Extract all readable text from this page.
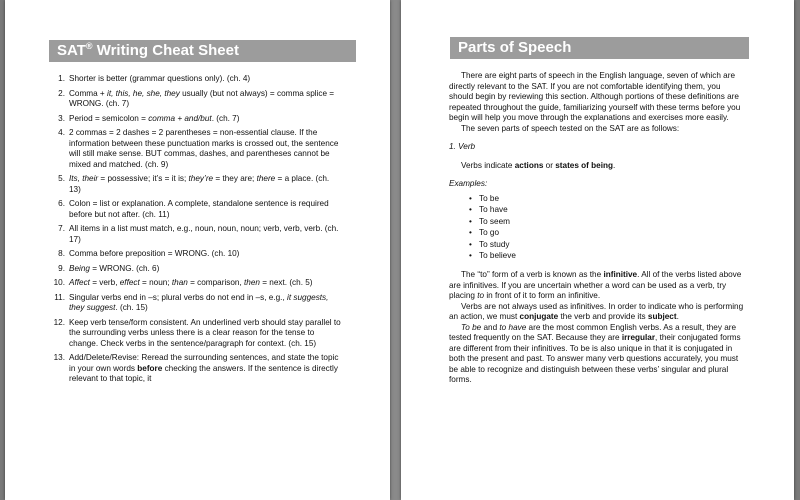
SAT® Writing Cheat Sheet
1. Shorter is better (grammar questions only). (ch. 4)
2. Comma + it, this, he, she, they usually (but not always) = comma splice = WRONG. (ch. 7)
3. Period = semicolon = comma + and/but. (ch. 7)
4. 2 commas = 2 dashes = 2 parentheses = non-essential clause. If the information between these punctuation marks is crossed out, the sentence will still make sense. BUT commas, dashes, and parentheses cannot be mixed and matched. (ch. 9)
5. Its, their = possessive; it’s = it is; they’re = they are; there = a place. (ch. 13)
6. Colon = list or explanation. A complete, standalone sentence is required before but not after. (ch. 11)
7. All items in a list must match, e.g., noun, noun, noun; verb, verb, verb. (ch. 17)
8. Comma before preposition = WRONG. (ch. 10)
9. Being = WRONG. (ch. 6)
10. Affect = verb, effect = noun; than = comparison, then = next. (ch. 5)
11. Singular verbs end in –s; plural verbs do not end in –s, e.g., it suggests, they suggest. (ch. 15)
12. Keep verb tense/form consistent. An underlined verb should stay parallel to the surrounding verbs unless there is a clear reason for the tense to change. Check verbs in the sentence/paragraph for context. (ch. 15)
13. Add/Delete/Revise: Reread the surrounding sentences, and state the topic in your own words before checking the answers. If the sentence is directly relevant to that topic, it
Parts of Speech

There are eight parts of speech in the English language, seven of which are directly relevant to the SAT. If you are not comfortable identifying them, you should begin by reviewing this section. Although portions of these definitions are repeated throughout the guide, familiarizing yourself with these terms before you begin will help you move through the explanations and exercises more easily.

The seven parts of speech tested on the SAT are as follows:

1. Verb

Verbs indicate actions or states of being.

Examples:

• To be
• To have
• To seem
• To go
• To study
• To believe

The “to” form of a verb is known as the infinitive. All of the verbs listed above are infinitives. If you are uncertain whether a word can be used as a verb, try placing to in front of it to form an infinitive.

Verbs are not always used as infinitives. In order to indicate who is performing an action, we must conjugate the verb and provide its subject.

To be and to have are the most common English verbs. As a result, they are tested frequently on the SAT. Because they are irregular, their conjugated forms are different from their infinitives. To be is also unique in that it is conjugated in both the present and past. To answer many verb questions accurately, you must be able to recognize and distinguish between these verbs’ singular and plural forms.
